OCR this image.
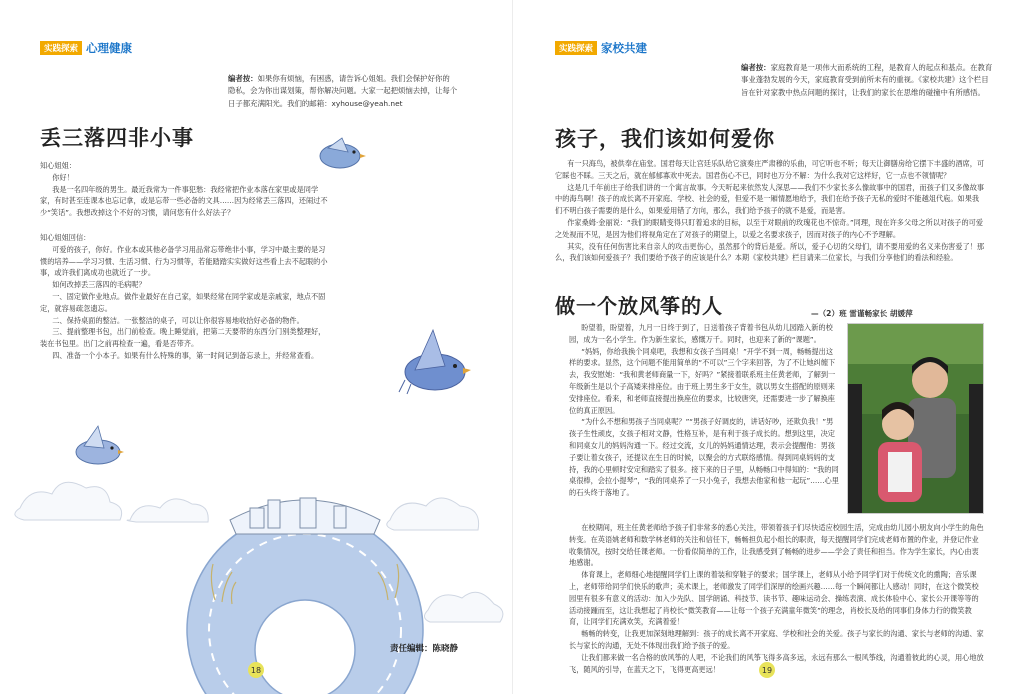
实践探索 心理健康
编者按：如果你有烦恼，有困惑，请告诉心姐姐。我们会保护好你的
隐私，会为你出谋划策，帮你解决问题。大家一起把烦恼去掉，让每个
日子都充满阳光。我们的邮箱：xyhouse@yeah.net
丢三落四非小事

知心姐姐：

你好！

我是一名四年级的男生。最近我常为一件事犯愁：我经常把作业本落在家里或是同学家，有时甚至连课本也忘记拿，或是忘带一些必备的文具……因为经常丢三落四，还闹过不少“笑话”。我想改掉这个不好的习惯，请问您有什么好法子？

知心姐姐回信：

可爱的孩子，你好。作业本或其他必备学习用品常忘带绝非小事，学习中最主要的是习惯的培养——学习习惯、生活习惯、行为习惯等，若能踏踏实实做好这些看上去不起眼的小事，或许我们离成功也就近了一步。

如何改掉丢三落四的毛病呢？

一、固定做作业地点。做作业最好在自己家，如果经常在同学家或是亲戚家，地点不固定，就容易疏忽遗忘。

二、保持桌面的整洁。一张整洁的桌子，可以让你很容易地收拾好必备的物件。

三、提前整理书包，出门前检查。晚上睡觉前，把第二天要带的东西分门别类整理好，装在书包里。出门之前再检查一遍，看是否带齐。

四、准备一个小本子。如果有什么特殊的事，第一时间记到备忘录上，并经常查看。

责任编辑：陈晓静
18
实践探索 家校共建
编者按：家庭教育是一项伟大而系统的工程，是教育人的起点和基点。在教育
事业蓬勃发展的今天，家庭教育受到前所未有的重视。《家校共建》这个栏目
旨在针对家教中热点问题的探讨，让我们的家长在思维的碰撞中有所感悟。
孩子，我们该如何爱你

有一只海鸟，被供奉在庙堂。国君每天让宫廷乐队给它演奏庄严肃穆的乐曲，可它听也不听；每天让御膳房给它摆下丰盛的酒席，可它睬也不睬。三天之后，就在郁郁寡欢中死去。国君伤心不已，同时也万分不解：为什么我对它这样好，它一点也不领情呢？

这是几千年前庄子给我们讲的一个寓言故事。今天听起来依然发人深思——我们不少家长多么像故事中的国君，而孩子们又多像故事中的海鸟啊！孩子的成长离不开家庭、学校、社会的爱，但爱不是一厢情愿地给予，我们在给予孩子无私的爱时不能越俎代庖。如果我们不明白孩子需要的是什么，如果爱用错了方向，那么，我们给予孩子的就不是爱，而是害。

作家桑姆·金丽说：“我们的眼睛变得只盯着追求的目标，以至于对眼前的玫瑰花也不惊奇。”同理，现在许多父母之所以对孩子的可爱之处视而不见，是因为他们将视角定在了对孩子的期望上，以爱之名要求孩子，因而对孩子的内心不予理解。

其实，没有任何伤害比来自亲人的攻击更伤心，虽然那个的背后是爱。所以，爱子心切的父母们，请不要用爱的名义来伤害爱了！那么，我们该如何爱孩子？我们要给予孩子的应该是什么？本期《家校共建》栏目请来二位家长，与我们分享他们的看法和经验。

做一个放风筝的人	—（2）班 雷谨畅家长 胡媛萍

盼望着，盼望着，九月一日终于到了，日送着孩子背着书包从幼儿园踏入新的校园，成为一名小学生。作为新生家长，感慨万千。同时，也迎来了新的“课题”。

“妈妈，你给我换个同桌吧，我想和女孩子当同桌！”开学不到一周，畅畅提出这样的要求。显然，这个问题不能用简单的“不可以”三个字来回答，为了不让她纠缠下去，我安慰她：“我和黄老师商量一下，好吗？”紧接着联系班主任黄老师，了解到一年级新生是以个子高矮来排座位。由于班上男生多于女生，就以男女生搭配的原则来安排座位。看来，和老师直接提出换座位的要求，比较唐突，还需要进一步了解换座位的真正原因。

“为什么不想和男孩子当同桌呢？”“男孩子好调皮的，讲话好吵，还欺负我！”男孩子生性顽皮，女孩子相对文静，性格互补，是有利于孩子成长的。想到这里，决定和同桌女儿的妈妈沟通一下。经过交流，女儿的妈妈通情达理，表示会提醒他：男孩子要让着女孩子，还提议在生日的时候，以聚会的方式联络感情。得到同桌妈妈的支持，我的心里顿时安定和踏实了很多。接下来的日子里，从畅畅口中得知的：“我的同桌很棒，会拉小提琴”，“我的同桌养了一只小兔子，我想去他家和他一起玩”……心里的石头终于落地了。

在校期间，班主任黄老师给予孩子们非常多的悉心关注，带领着孩子们尽快适应校园生活，完成由幼儿园小朋友向小学生的角色转变。在英语姚老师和数学林老师的关注和信任下，畅畅担负起小组长的职责，每天提醒同学们完成老师布置的作业，并登记作业收集情况，按时交给任课老师。一份看似简单的工作，让我感受到了畅畅的进步——学会了责任和担当。作为学生家长，内心由衷地感谢。

体育课上，老师细心地提醒同学们上课的着装和穿鞋子的要求；国学课上，老师从小给予同学们对于传统文化的熏陶；音乐课上，老师带给同学们快乐的歌声；美术课上，老师激发了同学们深厚的绘画兴趣……每一个瞬间都让人感动！同时，在这个微笑校园里有很多有意义的活动：加入少先队、国学朗诵、科技节、读书节、趣味运动会、操练表演、成长体验中心、家长公开课等等的活动接踵而至，这让我想起了肖校长“微笑教育——让每一个孩子充满童年微笑”的理念，肖校长及给的同事们身体力行的微笑教育，让同学们充满欢笑，充满着爱！

畅畅的转变，让我更加深刻地理解到：孩子的成长离不开家庭、学校和社会的关爱。孩子与家长的沟通、家长与老师的沟通、家长与家长的沟通，无处不体现出我们给予孩子的爱。

让我们都来做一名合格的放风筝的人吧，不论我们的风筝飞得多高多远，永远有那么一根风筝线，沟通着彼此的心灵，用心地放飞，随风的引导，在蓝天之下，飞得更高更远！	19
